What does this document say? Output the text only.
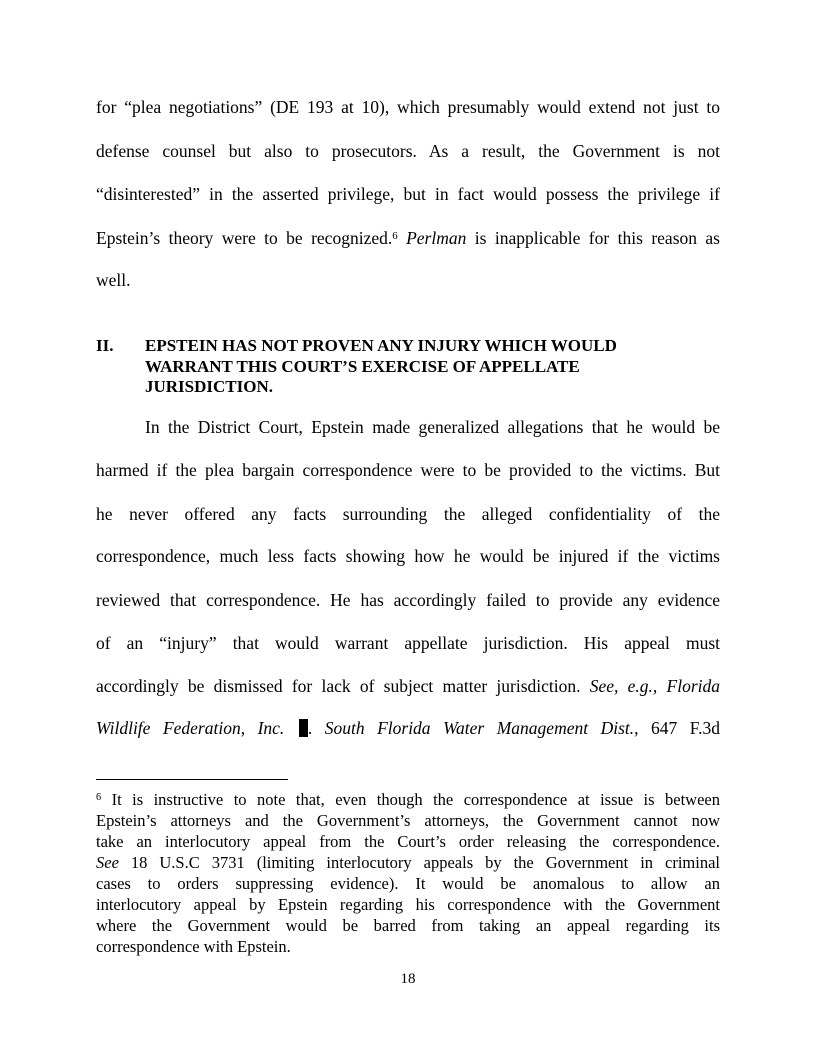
for “plea negotiations” (DE 193 at 10), which presumably would extend not just to
defense counsel but also to prosecutors. As a result, the Government is not
“disinterested” in the asserted privilege, but in fact would possess the privilege if
Epstein’s theory were to be recognized.$^6$ Perlman is inapplicable for this reason as
well.
II. EPSTEIN HAS NOT PROVEN ANY INJURY WHICH WOULD
WARRANT THIS COURT’S EXERCISE OF APPELLATE
JURISDICTION.
In the District Court, Epstein made generalized allegations that he would be
harmed if the plea bargain correspondence were to be provided to the victims. But
he never offered any facts surrounding the alleged confidentiality of the
correspondence, much less facts showing how he would be injured if the victims
reviewed that correspondence. He has accordingly failed to provide any evidence
of an “injury” that would warrant appellate jurisdiction. His appeal must
accordingly be dismissed for lack of subject matter jurisdiction. See, e.g., Florida
Wildlife Federation, Inc. . South Florida Water Management Dist., 647 F.3d
$^6$ It is instructive to note that, even though the correspondence at issue is between
Epstein’s attorneys and the Government’s attorneys, the Government cannot now
take an interlocutory appeal from the Court’s order releasing the correspondence.
See 18 U.S.C 3731 (limiting interlocutory appeals by the Government in criminal
cases to orders suppressing evidence). It would be anomalous to allow an
interlocutory appeal by Epstein regarding his correspondence with the Government
where the Government would be barred from taking an appeal regarding its
correspondence with Epstein.
18
